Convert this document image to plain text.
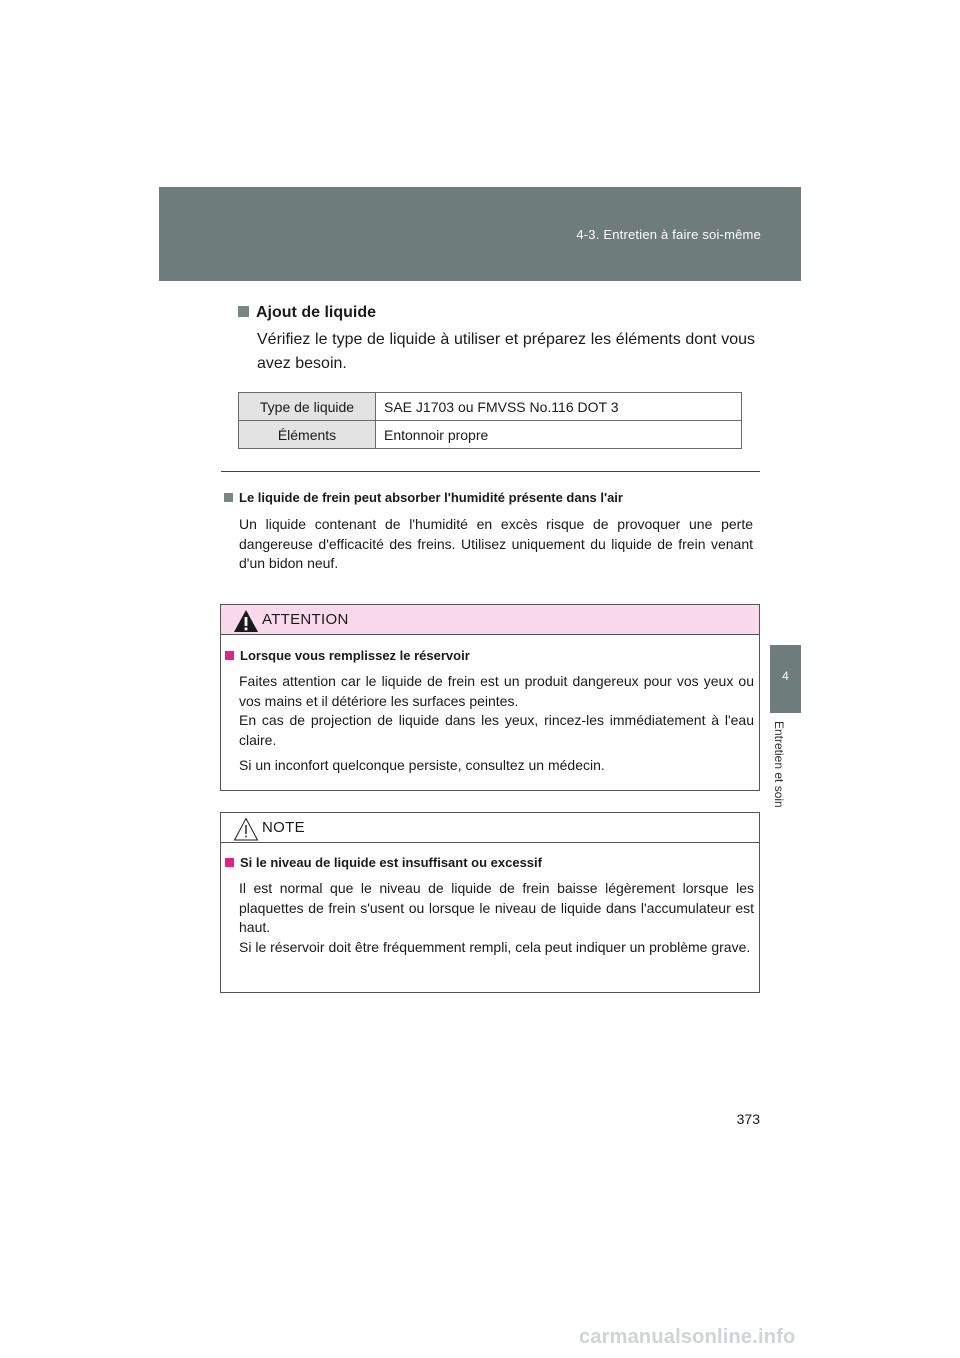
4-3. Entretien à faire soi-même
4
Entretien et soin
Ajout de liquide
Vérifiez le type de liquide à utiliser et préparez les éléments dont vous avez besoin.
Type de liquide	SAE J1703 ou FMVSS No.116 DOT 3
Éléments	Entonnoir propre
Le liquide de frein peut absorber l'humidité présente dans l'air
Un liquide contenant de l'humidité en excès risque de provoquer une perte dangereuse d'efficacité des freins. Utilisez uniquement du liquide de frein venant d'un bidon neuf.
ATTENTION
Lorsque vous remplissez le réservoir
Faites attention car le liquide de frein est un produit dangereux pour vos yeux ou vos mains et il détériore les surfaces peintes.
En cas de projection de liquide dans les yeux, rincez-les immédiatement à l'eau claire.
Si un inconfort quelconque persiste, consultez un médecin.
NOTE
Si le niveau de liquide est insuffisant ou excessif
Il est normal que le niveau de liquide de frein baisse légèrement lorsque les plaquettes de frein s'usent ou lorsque le niveau de liquide dans l'accumulateur est haut.
Si le réservoir doit être fréquemment rempli, cela peut indiquer un problème grave.
373
carmanualsonline.info
